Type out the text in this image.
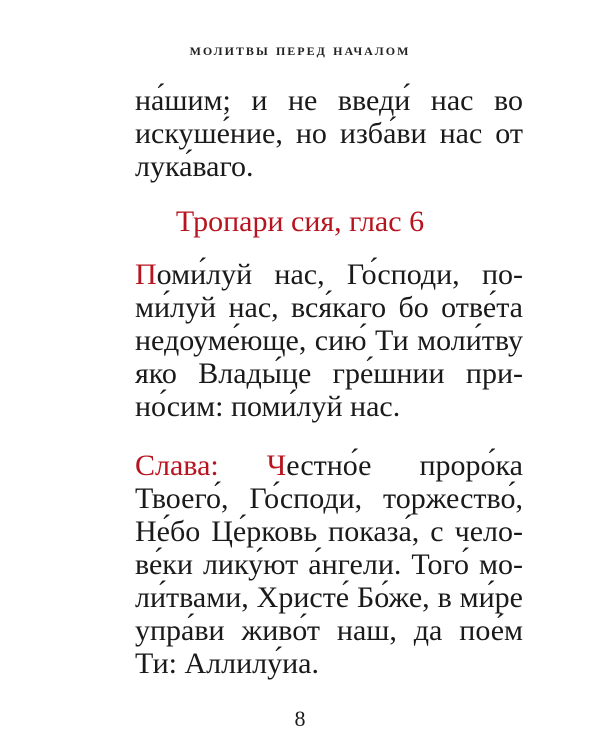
молитвы перед началом
на́шим; и не введи́ нас во
искуше́ние, но изба́ви нас от
лука́ваго.
Тропари сия, глас 6
Поми́луй нас, Го́споди, по-
ми́луй нас, вся́каго бо отве́та
недоуме́юще, сию́ Ти моли́тву
яко Влады́це гре́шнии при-
но́сим: поми́луй нас.
Слава: Честно́е проро́ка
Твоего́, Го́споди, торжество́,
Не́бо Це́рковь показа́, с чело-
ве́ки лику́ют а́нгели. Того́ мо-
ли́твами, Христе́ Бо́же, в ми́ре
упра́ви живо́т наш, да пое́м
Ти: Аллилу́иа.
8
